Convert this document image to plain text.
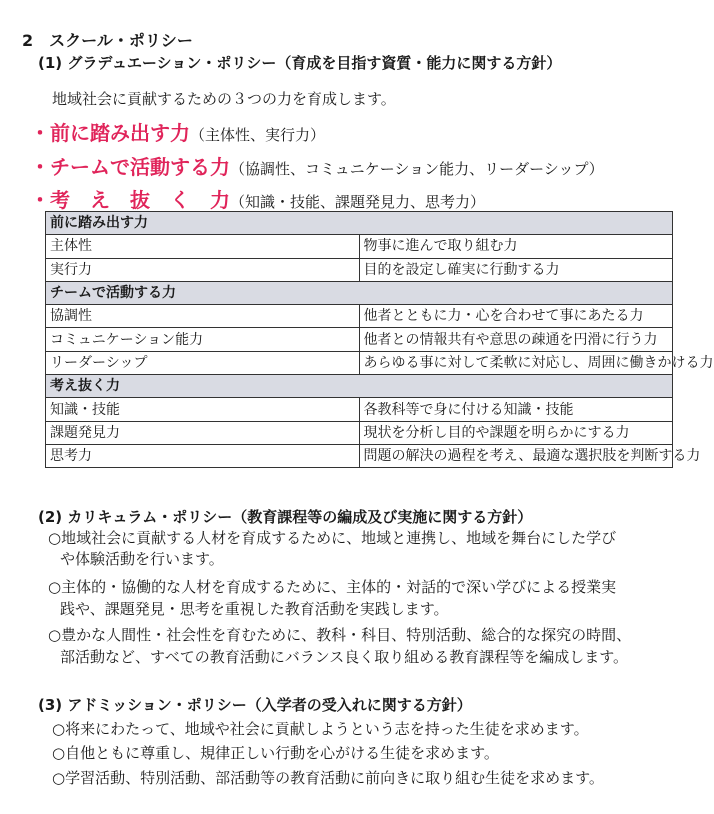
2　スクール・ポリシー
(1) グラデュエーション・ポリシー（育成を目指す資質・能力に関する方針）
地域社会に貢献するための３つの力を育成します。
・前に踏み出す力（主体性、実行力）
・チームで活動する力（協調性、コミュニケーション能力、リーダーシップ）
・考　え　抜　く　力（知識・技能、課題発見力、思考力）
前に踏み出す力	
主体性	物事に進んで取り組む力
実行力	目的を設定し確実に行動する力
チームで活動する力	
協調性	他者とともに力・心を合わせて事にあたる力
コミュニケーション能力	他者との情報共有や意思の疎通を円滑に行う力
リーダーシップ	あらゆる事に対して柔軟に対応し、周囲に働きかける力
考え抜く力	
知識・技能	各教科等で身に付ける知識・技能
課題発見力	現状を分析し目的や課題を明らかにする力
思考力	問題の解決の過程を考え、最適な選択肢を判断する力
(2) カリキュラム・ポリシー（教育課程等の編成及び実施に関する方針）
○地域社会に貢献する人材を育成するために、地域と連携し、地域を舞台にした学び
や体験活動を行います。
○主体的・協働的な人材を育成するために、主体的・対話的で深い学びによる授業実
践や、課題発見・思考を重視した教育活動を実践します。
○豊かな人間性・社会性を育むために、教科・科目、特別活動、総合的な探究の時間、
部活動など、すべての教育活動にバランス良く取り組める教育課程等を編成します。
(3) アドミッション・ポリシー（入学者の受入れに関する方針）
○将来にわたって、地域や社会に貢献しようという志を持った生徒を求めます。
○自他ともに尊重し、規律正しい行動を心がける生徒を求めます。
○学習活動、特別活動、部活動等の教育活動に前向きに取り組む生徒を求めます。
